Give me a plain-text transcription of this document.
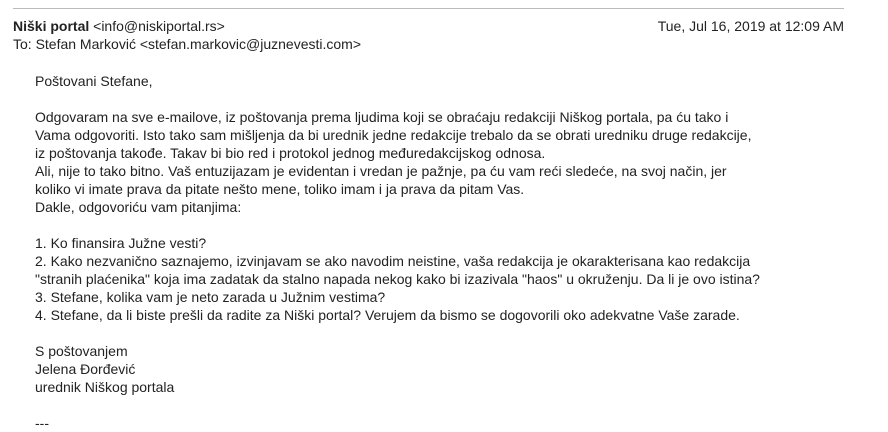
Niški portal <info@niskiportal.rs>	Tue, Jul 16, 2019 at 12:09 AM
To: Stefan Marković <stefan.markovic@juznevesti.com>
Poštovani Stefane,
Odgovaram na sve e-mailove, iz poštovanja prema ljudima koji se obraćaju redakciji Niškog portala, pa ću tako i
Vama odgovoriti. Isto tako sam mišljenja da bi urednik jedne redakcije trebalo da se obrati uredniku druge redakcije,
iz poštovanja takođe. Takav bi bio red i protokol jednog međuredakcijskog odnosa.
Ali, nije to tako bitno. Vaš entuzijazam je evidentan i vredan je pažnje, pa ću vam reći sledeće, na svoj način, jer
koliko vi imate prava da pitate nešto mene, toliko imam i ja prava da pitam Vas.
Dakle, odgovoriću vam pitanjima:
1. Ko finansira Južne vesti?
2. Kako nezvanično saznajemo, izvinjavam se ako navodim neistine, vaša redakcija je okarakterisana kao redakcija
"stranih plaćenika" koja ima zadatak da stalno napada nekog kako bi izazivala "haos" u okruženju. Da li je ovo istina?
3. Stefane, kolika vam je neto zarada u Južnim vestima?
4. Stefane, da li biste prešli da radite za Niški portal? Verujem da bismo se dogovorili oko adekvatne Vaše zarade.
S poštovanjem
Jelena Đorđević
urednik Niškog portala
---
